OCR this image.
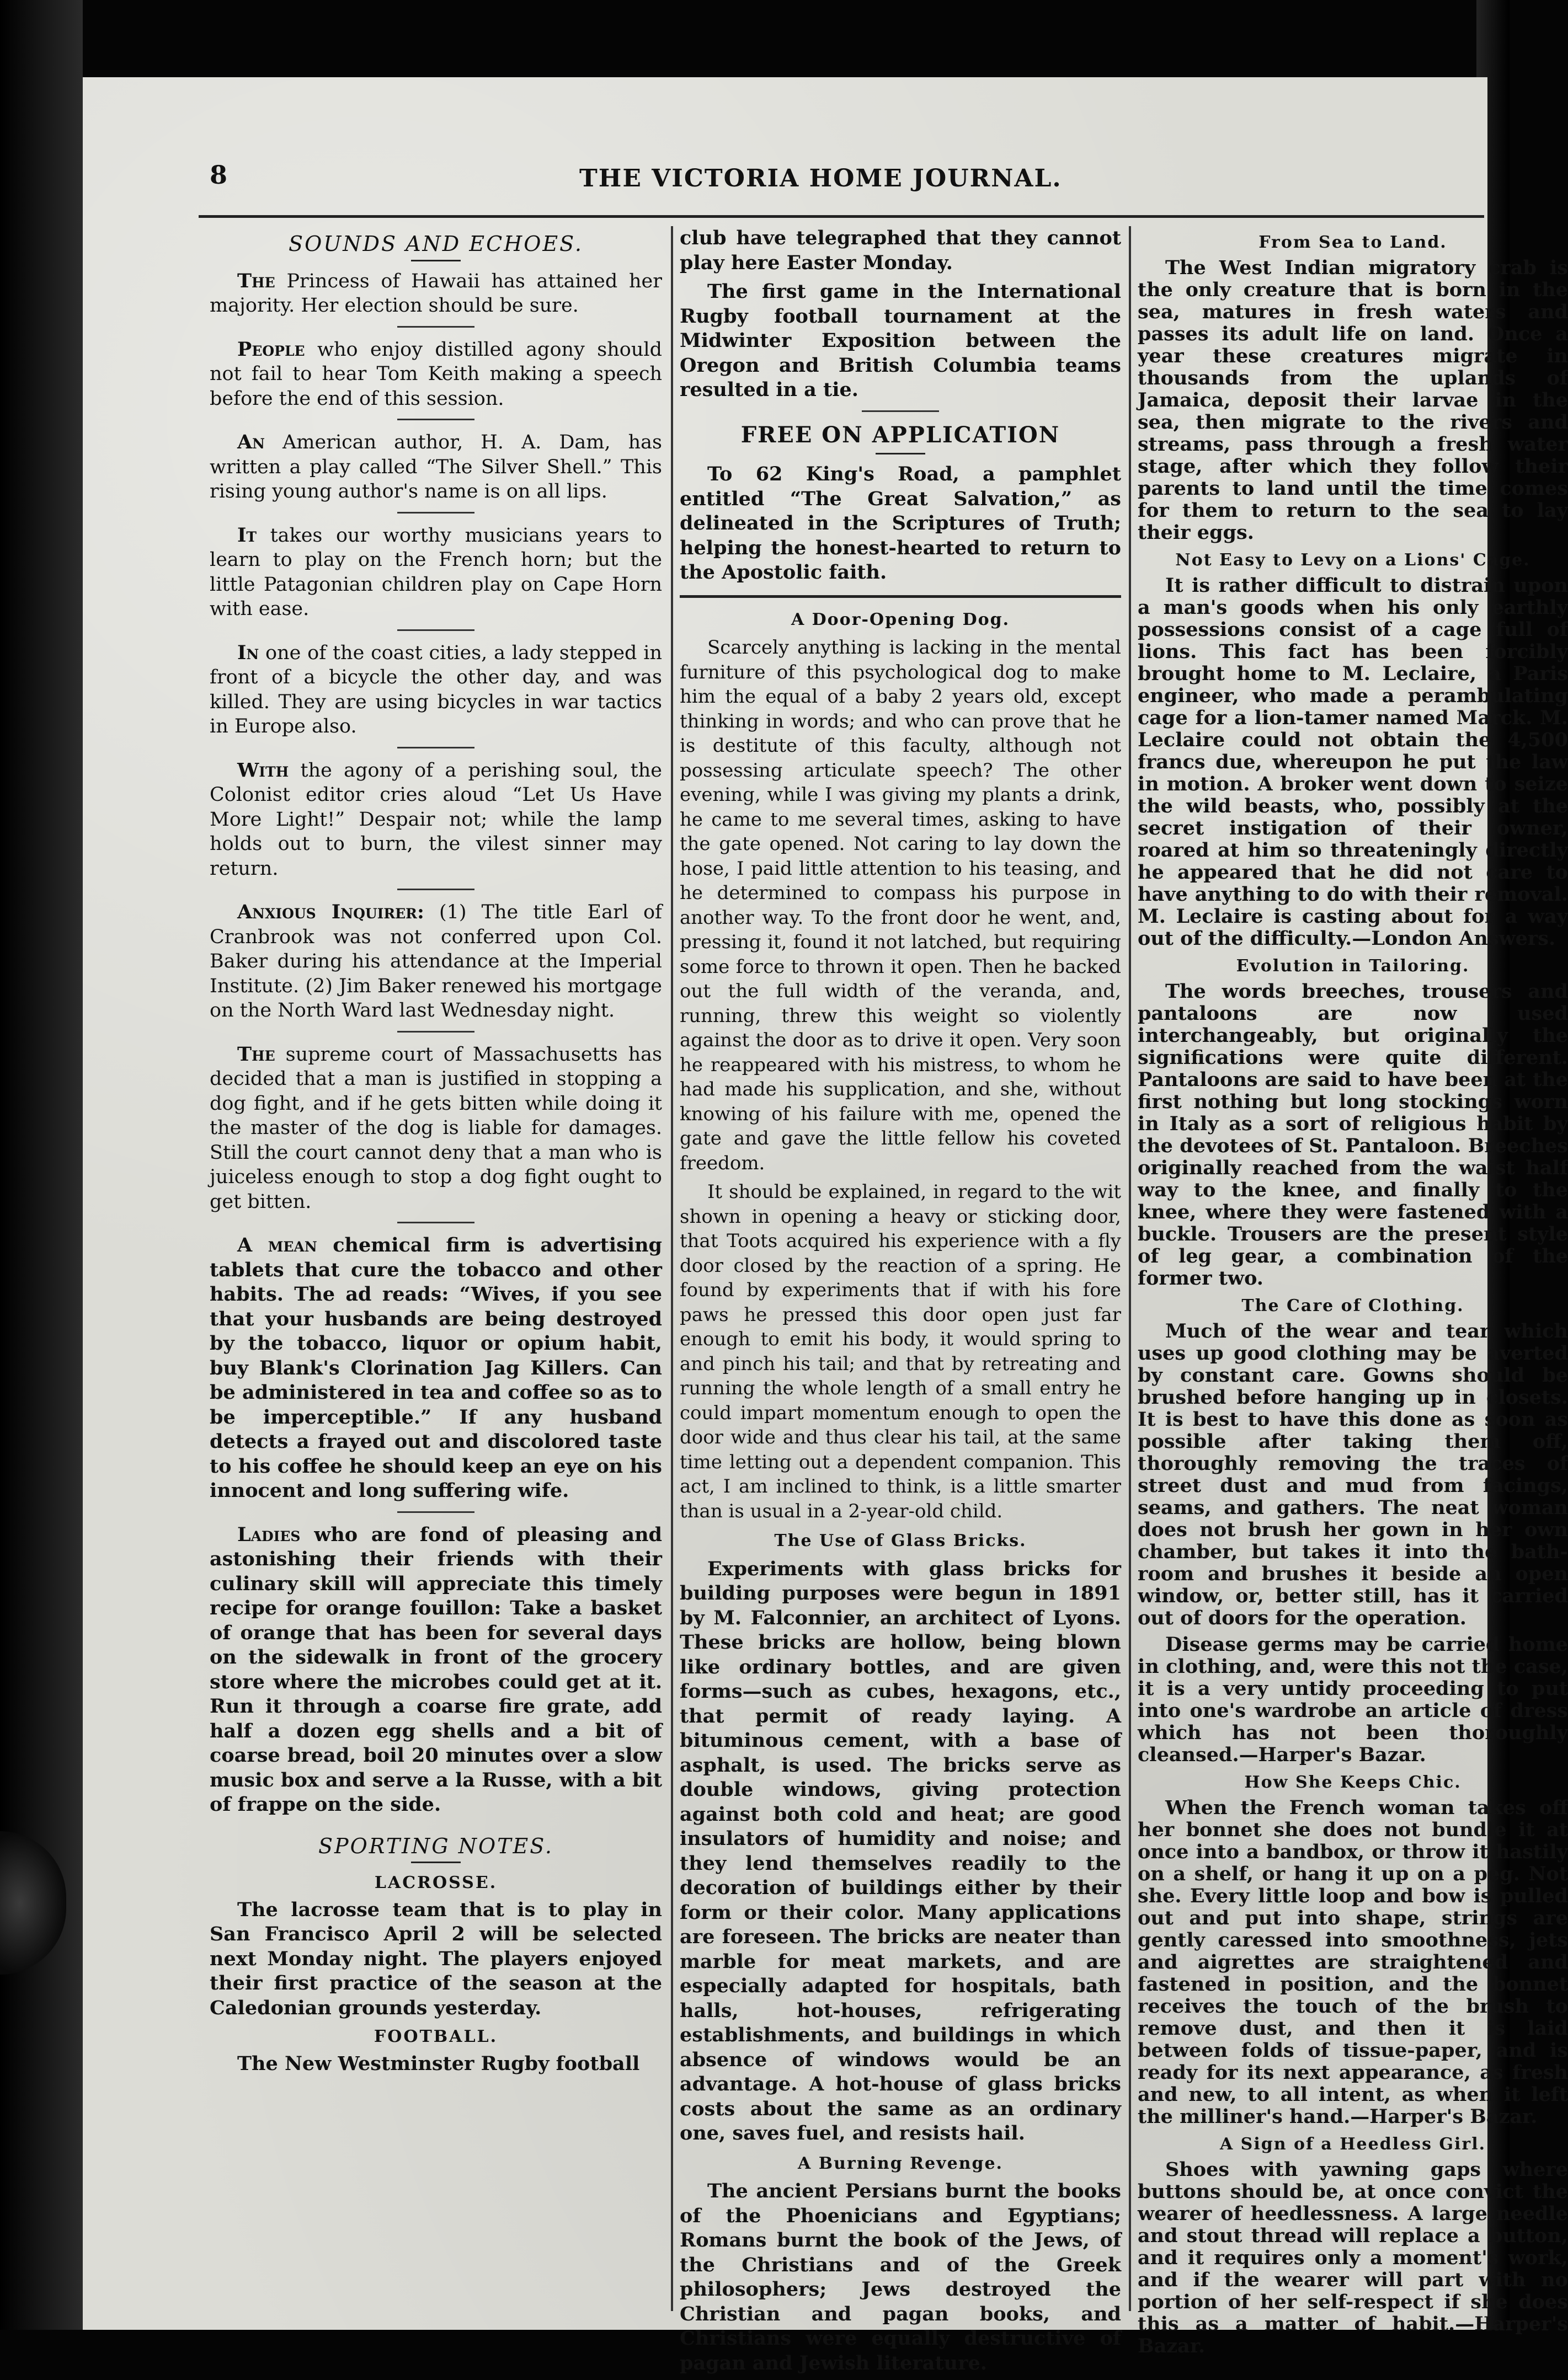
8	THE VICTORIA HOME JOURNAL.
SOUNDS AND ECHOES.

The Princess of Hawaii has attained her majority. Her election should be sure.

People who enjoy distilled agony should not fail to hear Tom Keith making a speech before the end of this session.

An American author, H. A. Dam, has written a play called “The Silver Shell.” This rising young author's name is on all lips.

It takes our worthy musicians years to learn to play on the French horn; but the little Patagonian children play on Cape Horn with ease.

In one of the coast cities, a lady stepped in front of a bicycle the other day, and was killed. They are using bicycles in war tactics in Europe also.

With the agony of a perishing soul, the Colonist editor cries aloud “Let Us Have More Light!” Despair not; while the lamp holds out to burn, the vilest sinner may return.

Anxious Inquirer: (1) The title Earl of Cranbrook was not conferred upon Col. Baker during his attendance at the Imperial Institute. (2) Jim Baker renewed his mortgage on the North Ward last Wednesday night.

The supreme court of Massachusetts has decided that a man is justified in stopping a dog fight, and if he gets bitten while doing it the master of the dog is liable for damages. Still the court cannot deny that a man who is juiceless enough to stop a dog fight ought to get bitten.

A mean chemical firm is advertising tablets that cure the tobacco and other habits. The ad reads: “Wives, if you see that your husbands are being destroyed by the tobacco, liquor or opium habit, buy Blank's Clorination Jag Killers. Can be administered in tea and coffee so as to be imperceptible.” If any husband detects a frayed out and discolored taste to his coffee he should keep an eye on his innocent and long suffering wife.

Ladies who are fond of pleasing and astonishing their friends with their culinary skill will appreciate this timely recipe for orange fouillon: Take a basket of orange that has been for several days on the sidewalk in front of the grocery store where the microbes could get at it. Run it through a coarse fire grate, add half a dozen egg shells and a bit of coarse bread, boil 20 minutes over a slow music box and serve a la Russe, with a bit of frappe on the side.

SPORTING NOTES.
LACROSSE.

The lacrosse team that is to play in San Francisco April 2 will be selected next Monday night. The players enjoyed their first practice of the season at the Caledonian grounds yesterday.

FOOTBALL.

The New Westminster Rugby football

club have telegraphed that they cannot play here Easter Monday.

The first game in the International Rugby football tournament at the Midwinter Exposition between the Oregon and British Columbia teams resulted in a tie.

FREE ON APPLICATION

To 62 King's Road, a pamphlet entitled “The Great Salvation,” as delineated in the Scriptures of Truth; helping the honest-hearted to return to the Apostolic faith.

A Door-Opening Dog.

Scarcely anything is lacking in the mental furniture of this psychological dog to make him the equal of a baby 2 years old, except thinking in words; and who can prove that he is destitute of this faculty, although not possessing articulate speech? The other evening, while I was giving my plants a drink, he came to me several times, asking to have the gate opened. Not caring to lay down the hose, I paid little attention to his teasing, and he determined to compass his purpose in another way. To the front door he went, and, pressing it, found it not latched, but requiring some force to thrown it open. Then he backed out the full width of the veranda, and, running, threw this weight so violently against the door as to drive it open. Very soon he reappeared with his mistress, to whom he had made his supplication, and she, without knowing of his failure with me, opened the gate and gave the little fellow his coveted freedom.

It should be explained, in regard to the wit shown in opening a heavy or sticking door, that Toots acquired his experience with a fly door closed by the reaction of a spring. He found by experiments that if with his fore paws he pressed this door open just far enough to emit his body, it would spring to and pinch his tail; and that by retreating and running the whole length of a small entry he could impart momentum enough to open the door wide and thus clear his tail, at the same time letting out a dependent companion. This act, I am inclined to think, is a little smarter than is usual in a 2-year-old child.

The Use of Glass Bricks.

Experiments with glass bricks for building purposes were begun in 1891 by M. Falconnier, an architect of Lyons. These bricks are hollow, being blown like ordinary bottles, and are given forms—such as cubes, hexagons, etc., that permit of ready laying. A bituminous cement, with a base of asphalt, is used. The bricks serve as double windows, giving protection against both cold and heat; are good insulators of humidity and noise; and they lend themselves readily to the decoration of buildings either by their form or their color. Many applications are foreseen. The bricks are neater than marble for meat markets, and are especially adapted for hospitals, bath halls, hot-houses, refrigerating establishments, and buildings in which absence of windows would be an advantage. A hot-house of glass bricks costs about the same as an ordinary one, saves fuel, and resists hail.

A Burning Revenge.

The ancient Persians burnt the books of the Phoenicians and Egyptians; Romans burnt the book of the Jews, of the Christians and of the Greek philosophers; Jews destroyed the Christian and pagan books, and Christians were equally destructive of pagan and Jewish literature.

From Sea to Land.

The West Indian migratory crab is the only creature that is born in the sea, matures in fresh waters and passes its adult life on land. Once a year these creatures migrate in thousands from the uplands of Jamaica, deposit their larvae in the sea, then migrate to the rivers and streams, pass through a fresh water stage, after which they follow their parents to land until the time comes for them to return to the sea to lay their eggs.

Not Easy to Levy on a Lions' Cage.

It is rather difficult to distrain upon a man's goods when his only earthly possessions consist of a cage full of lions. This fact has been forcibly brought home to M. Leclaire, a Paris engineer, who made a perambulating cage for a lion-tamer named Marck. M. Leclaire could not obtain the 4,500 francs due, whereupon he put the law in motion. A broker went down to seize the wild beasts, who, possibly at the secret instigation of their owner, roared at him so threateningly directly he appeared that he did not care to have anything to do with their removal. M. Leclaire is casting about for a way out of the difficulty.—London Answers.

Evolution in Tailoring.

The words breeches, trousers and pantaloons are now used interchangeably, but originally the significations were quite different. Pantaloons are said to have been at the first nothing but long stockings worn in Italy as a sort of religious habit by the devotees of St. Pantaloon. Breeches originally reached from the waist half way to the knee, and finally to the knee, where they were fastened with a buckle. Trousers are the present style of leg gear, a combination of the former two.

The Care of Clothing.

Much of the wear and tear which uses up good clothing may be averted by constant care. Gowns should be brushed before hanging up in closets. It is best to have this done as soon as possible after taking them off, thoroughly removing the traces of street dust and mud from facings, seams, and gathers. The neat woman does not brush her gown in her own chamber, but takes it into the bath-room and brushes it beside an open window, or, better still, has it carried out of doors for the operation.

Disease germs may be carried home in clothing, and, were this not the case, it is a very untidy proceeding to put into one's wardrobe an article of dress which has not been thoroughly cleansed.—Harper's Bazar.

How She Keeps Chic.

When the French woman takes off her bonnet she does not bundle it at once into a bandbox, or throw it hastily on a shelf, or hang it up on a peg. Not she. Every little loop and bow is pulled out and put into shape, strings are gently caressed into smoothness, jets and aigrettes are straightened and fastened in position, and the bonnet receives the touch of the brush to remove dust, and then it is laid between folds of tissue-paper, and is ready for its next appearance, as fresh and new, to all intent, as when it left the milliner's hand.—Harper's Bazar.

A Sign of a Heedless Girl.

Shoes with yawning gaps where buttons should be, at once convict the wearer of heedlessness. A large needle and stout thread will replace a button, and it requires only a moment's work, and if the wearer will part with no portion of her self-respect if she does this as a matter of habit.—Harper's Bazar.
